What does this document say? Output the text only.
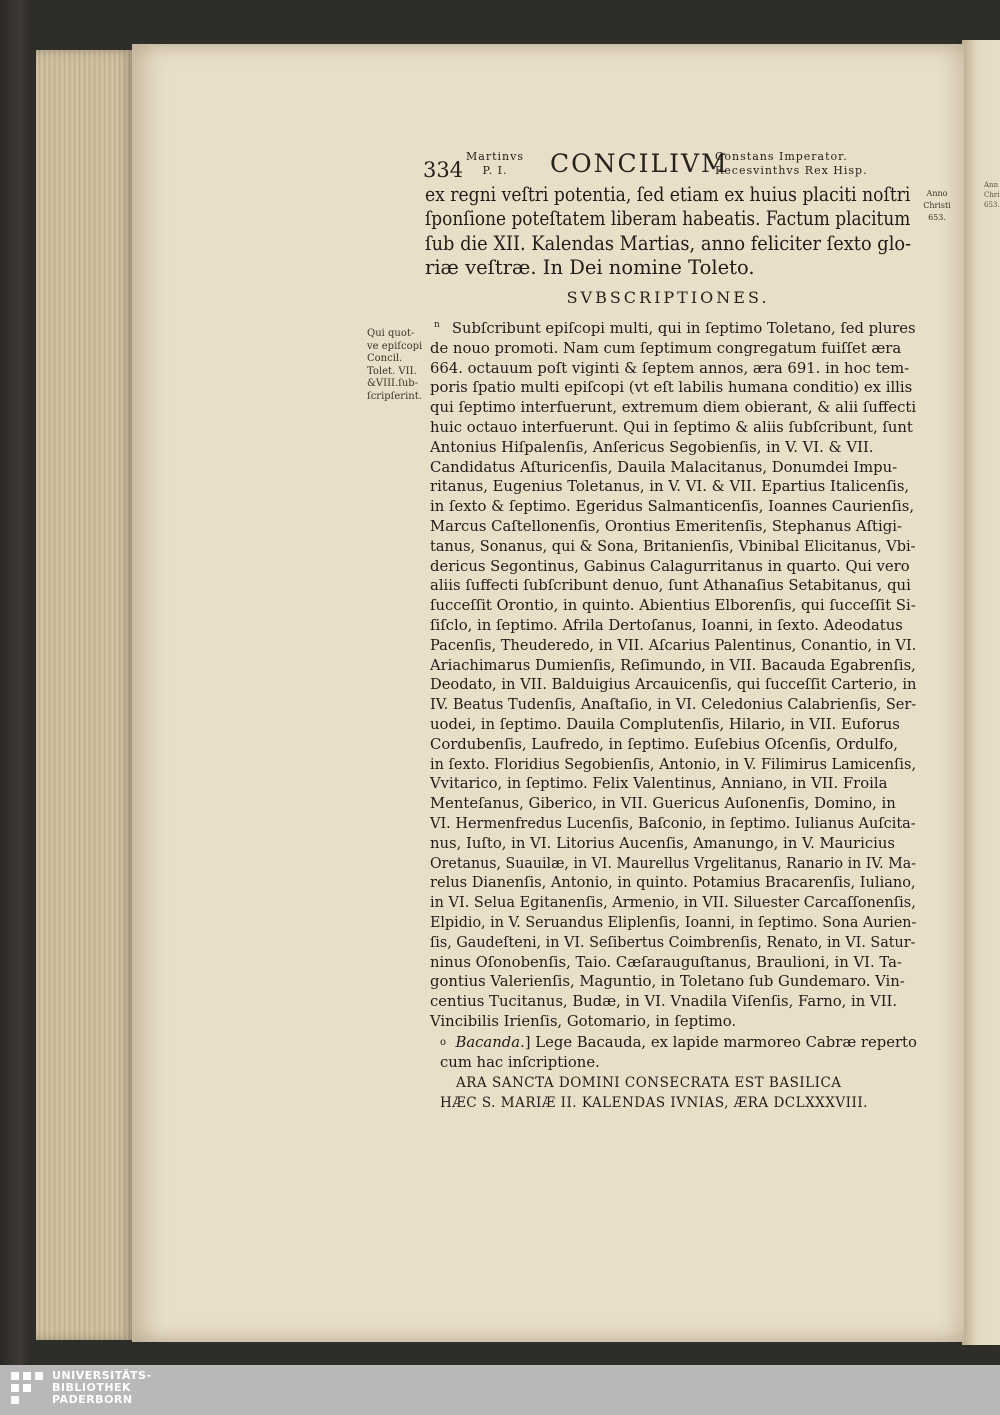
Ann
Chri
653.
334
Martinvs
P. I.	CONCILIVM
Constans Imperator.
Recesvinthvs Rex Hisp.
Anno
Christi
653.
ex regni veſtri potentia, ſed etiam ex huius placiti noſtri
ſponſione poteſtatem liberam habeatis. Factum placitum
ſub die XII. Kalendas Martias, anno feliciter ſexto glo-
riæ veſtræ. In Dei nomine Toleto.
SVBSCRIPTIONES.
Qui quot-
ve epiſcopi
Concil.
Tolet. VII.
&VIII.ſub-
ſcripſerint.
n Subſcribunt epiſcopi multi, qui in ſeptimo Toletano, ſed plures
de nouo promoti. Nam cum ſeptimum congregatum fuiſſet æra
664. octauum poſt viginti & ſeptem annos, æra 691. in hoc tem-
poris ſpatio multi epiſcopi (vt eſt labilis humana conditio) ex illis
qui ſeptimo interfuerunt, extremum diem obierant, & alii ſuffecti
huic octauo interfuerunt. Qui in ſeptimo & aliis ſubſcribunt, ſunt
Antonius Hiſpalenſis, Anſericus Segobienſis, in V. VI. & VII.
Candidatus Aſturicenſis, Dauila Malacitanus, Donumdei Impu-
ritanus, Eugenius Toletanus, in V. VI. & VII. Epartius Italicenſis,
in ſexto & ſeptimo. Egeridus Salmanticenſis, Ioannes Caurienſis,
Marcus Caſtellonenſis, Orontius Emeritenſis, Stephanus Aſtigi-
tanus, Sonanus, qui & Sona, Britanienſis, Vbinibal Elicitanus, Vbi-
dericus Segontinus, Gabinus Calagurritanus in quarto. Qui vero
aliis ſuffecti ſubſcribunt denuo, ſunt Athanaſius Setabitanus, qui
ſucceſſit Orontio, in quinto. Abientius Elborenſis, qui ſucceſſit Si-
ſiſclo, in ſeptimo. Afrila Dertoſanus, Ioanni, in ſexto. Adeodatus
Pacenſis, Theuderedo, in VII. Aſcarius Palentinus, Conantio, in VI.
Ariachimarus Dumienſis, Reſimundo, in VII. Bacauda Egabrenſis,
Deodato, in VII. Balduigius Arcauicenſis, qui ſucceſſit Carterio, in
IV. Beatus Tudenſis, Anaſtaſio, in VI. Celedonius Calabrienſis, Ser-
uodei, in ſeptimo. Dauila Complutenſis, Hilario, in VII. Euforus
Cordubenſis, Laufredo, in ſeptimo. Euſebius Oſcenſis, Ordulfo,
in ſexto. Floridius Segobienſis, Antonio, in V. Filimirus Lamicenſis,
Vvitarico, in ſeptimo. Felix Valentinus, Anniano, in VII. Froila
Menteſanus, Giberico, in VII. Guericus Auſonenſis, Domino, in
VI. Hermenfredus Lucenſis, Baſconio, in ſeptimo. Iulianus Auſcita-
nus, Iuſto, in VI. Litorius Aucenſis, Amanungo, in V. Mauricius
Oretanus, Suauilæ, in VI. Maurellus Vrgelitanus, Ranario in IV. Ma-
relus Dianenſis, Antonio, in quinto. Potamius Bracarenſis, Iuliano,
in VI. Selua Egitanenſis, Armenio, in VII. Siluester Carcaſſonenſis,
Elpidio, in V. Seruandus Eliplenſis, Ioanni, in ſeptimo. Sona Aurien-
ſis, Gaudeſteni, in VI. Seſibertus Coimbrenſis, Renato, in VI. Satur-
ninus Oſonobenſis, Taio. Cæſarauguſtanus, Braulioni, in VI. Ta-
gontius Valerienſis, Maguntio, in Toletano ſub Gundemaro. Vin-
centius Tucitanus, Budæ, in VI. Vnadila Viſenſis, Farno, in VII.
Vincibilis Irienſis, Gotomario, in ſeptimo.
$^o$ Bacanda.] Lege Bacauda, ex lapide marmoreo Cabræ reperto
cum hac inſcriptione.
ARA SANCTA DOMINI CONSECRATA EST BASILICA
HÆC S. MARIÆ II. KALENDAS IVNIAS, ÆRA DCLXXXVIII.
UNIVERSITÄTS-
BIBLIOTHEK
PADERBORN
